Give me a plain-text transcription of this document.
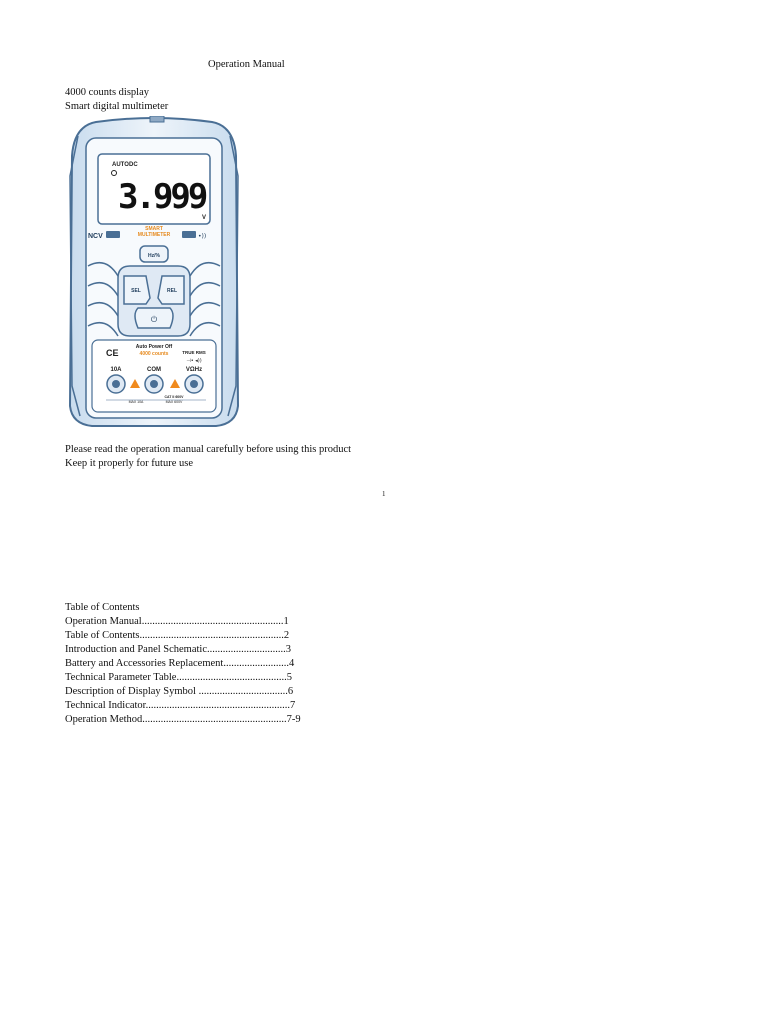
Operation Manual
4000 counts display
Smart digital multimeter
AUTO DC
3.999
V
NCV
SMART
MULTIMETER	•))
Hz/%
SEL	REL
⏻
CE
Auto Power Off
4000 counts	TRUE RMS
⊣• ◂))
10A	COM	VΩHz
CAT II 600V
MAX 10A	MAX 600V
Please read the operation manual carefully before using this product
Keep it properly for future use
1
Table of Contents
Operation Manual......................................................1
Table of Contents.......................................................2
Introduction and Panel Schematic..............................3
Battery and Accessories Replacement.........................4
Technical Parameter Table..........................................5
Description of Display Symbol ..................................6
Technical Indicator.......................................................7
Operation Method.......................................................7-9
